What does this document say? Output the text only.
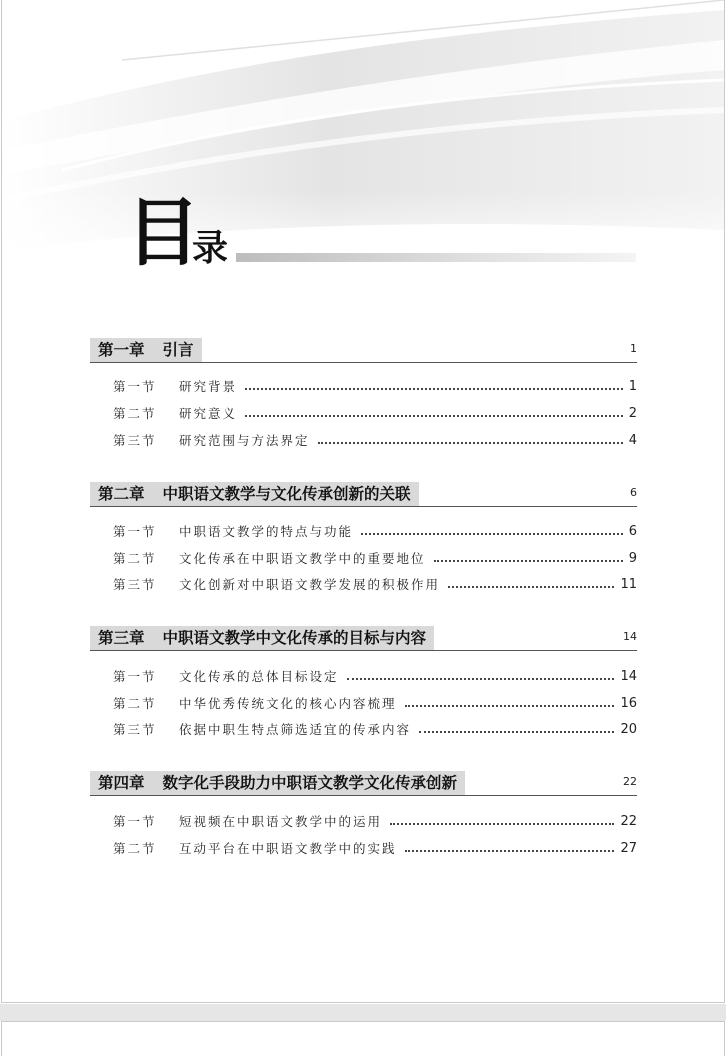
目
录
第一章 引言	1
第一节	研究背景	1
第二节	研究意义	2
第三节	研究范围与方法界定	4
第二章 中职语文教学与文化传承创新的关联	6
第一节	中职语文教学的特点与功能	6
第二节	文化传承在中职语文教学中的重要地位	9
第三节	文化创新对中职语文教学发展的积极作用	11
第三章 中职语文教学中文化传承的目标与内容	14
第一节	文化传承的总体目标设定	14
第二节	中华优秀传统文化的核心内容梳理	16
第三节	依据中职生特点筛选适宜的传承内容	20
第四章 数字化手段助力中职语文教学文化传承创新	22
第一节	短视频在中职语文教学中的运用	22
第二节	互动平台在中职语文教学中的实践	27
